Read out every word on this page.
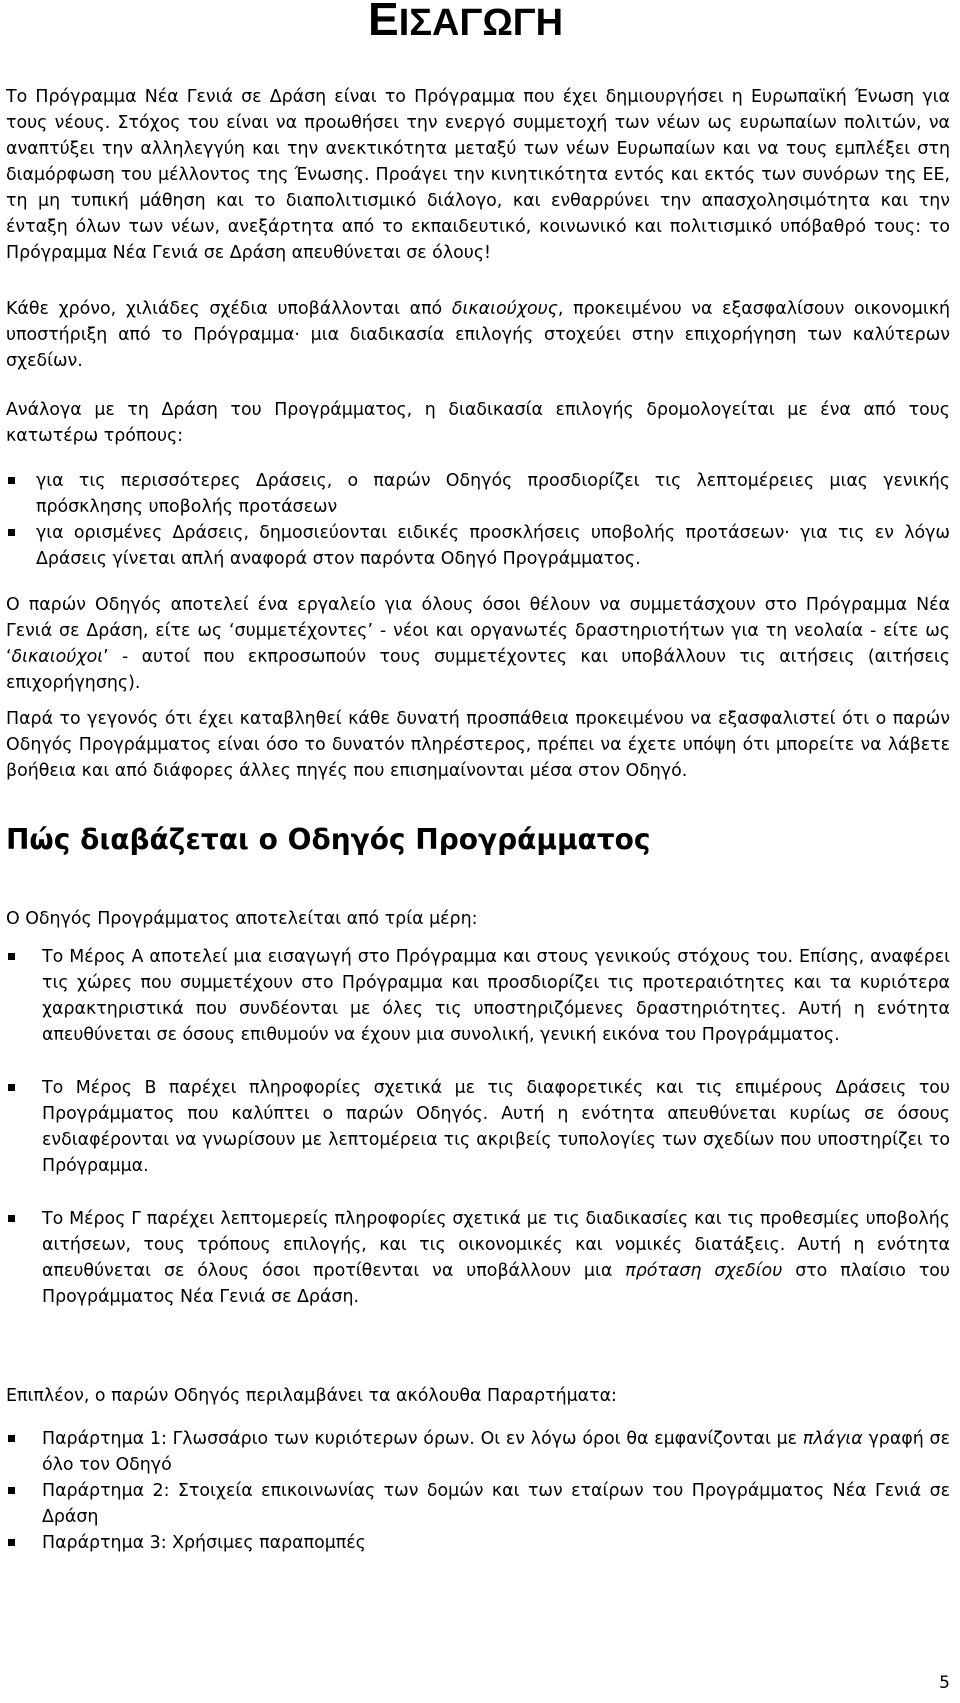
ΕΙΣΑΓΩΓΗ

Το Πρόγραμμα Νέα Γενιά σε Δράση είναι το Πρόγραμμα που έχει δημιουργήσει η Ευρωπαϊκή Ένωση για τους νέους. Στόχος του είναι να προωθήσει την ενεργό συμμετοχή των νέων ως ευρωπαίων πολιτών, να αναπτύξει την αλληλεγγύη και την ανεκτικότητα μεταξύ των νέων Ευρωπαίων και να τους εμπλέξει στη διαμόρφωση του μέλλοντος της Ένωσης. Προάγει την κινητικότητα εντός και εκτός των συνόρων της ΕΕ, τη μη τυπική μάθηση και το διαπολιτισμικό διάλογο, και ενθαρρύνει την απασχολησιμότητα και την ένταξη όλων των νέων, ανεξάρτητα από το εκπαιδευτικό, κοινωνικό και πολιτισμικό υπόβαθρό τους: το Πρόγραμμα Νέα Γενιά σε Δράση απευθύνεται σε όλους!

Κάθε χρόνο, χιλιάδες σχέδια υποβάλλονται από δικαιούχους, προκειμένου να εξασφαλίσουν οικονομική υποστήριξη από το Πρόγραμμα· μια διαδικασία επιλογής στοχεύει στην επιχορήγηση των καλύτερων σχεδίων.

Ανάλογα με τη Δράση του Προγράμματος, η διαδικασία επιλογής δρομολογείται με ένα από τους κατωτέρω τρόπους:

για τις περισσότερες Δράσεις, ο παρών Οδηγός προσδιορίζει τις λεπτομέρειες μιας γενικής πρόσκλησης υποβολής προτάσεων
για ορισμένες Δράσεις, δημοσιεύονται ειδικές προσκλήσεις υποβολής προτάσεων· για τις εν λόγω Δράσεις γίνεται απλή αναφορά στον παρόντα Οδηγό Προγράμματος.

Ο παρών Οδηγός αποτελεί ένα εργαλείο για όλους όσοι θέλουν να συμμετάσχουν στο Πρόγραμμα Νέα Γενιά σε Δράση, είτε ως ‘συμμετέχοντες’ - νέοι και οργανωτές δραστηριοτήτων για τη νεολαία - είτε ως ‘δικαιούχοι’ - αυτοί που εκπροσωπούν τους συμμετέχοντες και υποβάλλουν τις αιτήσεις (αιτήσεις επιχορήγησης).

Παρά το γεγονός ότι έχει καταβληθεί κάθε δυνατή προσπάθεια προκειμένου να εξασφαλιστεί ότι ο παρών Οδηγός Προγράμματος είναι όσο το δυνατόν πληρέστερος, πρέπει να έχετε υπόψη ότι μπορείτε να λάβετε βοήθεια και από διάφορες άλλες πηγές που επισημαίνονται μέσα στον Οδηγό.

Πώς διαβάζεται ο Οδηγός Προγράμματος

Ο Οδηγός Προγράμματος αποτελείται από τρία μέρη:

Το Μέρος Α αποτελεί μια εισαγωγή στο Πρόγραμμα και στους γενικούς στόχους του. Επίσης, αναφέρει τις χώρες που συμμετέχουν στο Πρόγραμμα και προσδιορίζει τις προτεραιότητες και τα κυριότερα χαρακτηριστικά που συνδέονται με όλες τις υποστηριζόμενες δραστηριότητες. Αυτή η ενότητα απευθύνεται σε όσους επιθυμούν να έχουν μια συνολική, γενική εικόνα του Προγράμματος.
Το Μέρος Β παρέχει πληροφορίες σχετικά με τις διαφορετικές και τις επιμέρους Δράσεις του Προγράμματος που καλύπτει ο παρών Οδηγός. Αυτή η ενότητα απευθύνεται κυρίως σε όσους ενδιαφέρονται να γνωρίσουν με λεπτομέρεια τις ακριβείς τυπολογίες των σχεδίων που υποστηρίζει το Πρόγραμμα.
Το Μέρος Γ παρέχει λεπτομερείς πληροφορίες σχετικά με τις διαδικασίες και τις προθεσμίες υποβολής αιτήσεων, τους τρόπους επιλογής, και τις οικονομικές και νομικές διατάξεις. Αυτή η ενότητα απευθύνεται σε όλους όσοι προτίθενται να υποβάλλουν μια πρόταση σχεδίου στο πλαίσιο του Προγράμματος Νέα Γενιά σε Δράση.

Επιπλέον, ο παρών Οδηγός περιλαμβάνει τα ακόλουθα Παραρτήματα:

Παράρτημα 1: Γλωσσάριο των κυριότερων όρων. Οι εν λόγω όροι θα εμφανίζονται με πλάγια γραφή σε όλο τον Οδηγό
Παράρτημα 2: Στοιχεία επικοινωνίας των δομών και των εταίρων του Προγράμματος Νέα Γενιά σε Δράση
Παράρτημα 3: Χρήσιμες παραπομπές
5
